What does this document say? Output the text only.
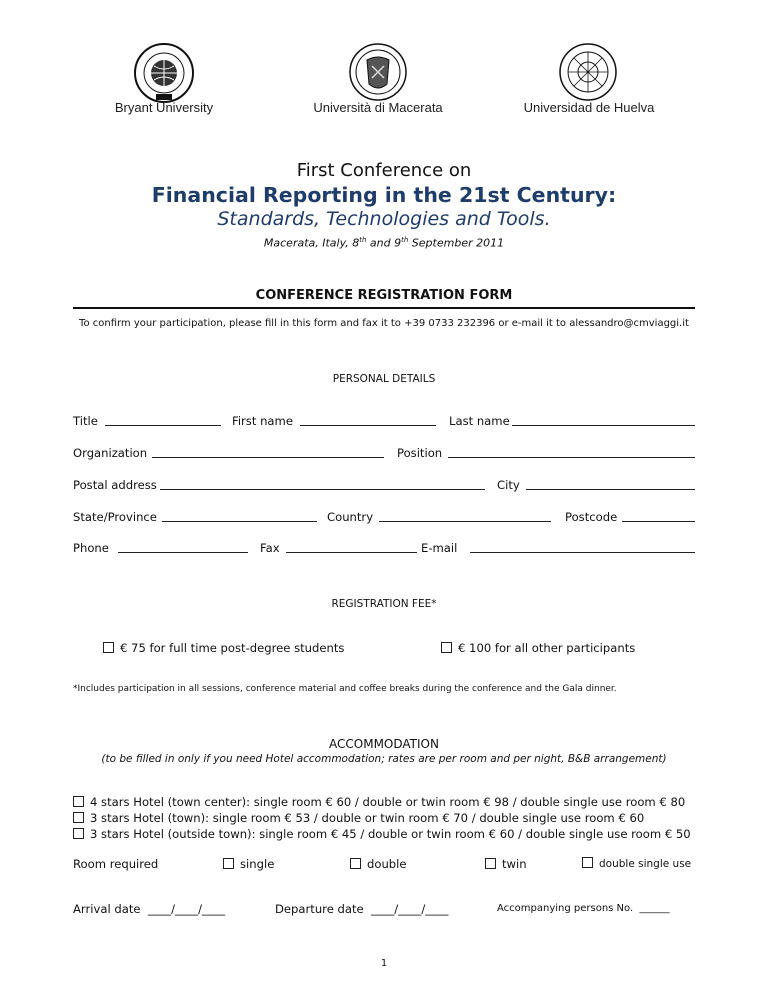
Bryant University	Università di Macerata	Universidad de Huelva
First Conference on
Financial Reporting in the 21st Century:
Standards, Technologies and Tools.
Macerata, Italy, 8th and 9th September 2011
CONFERENCE REGISTRATION FORM
To confirm your participation, please fill in this form and fax it to +39 0733 232396 or e-mail it to alessandro@cmviaggi.it
PERSONAL DETAILS
Title	First name	Last name
Organization	Position
Postal address	City
State/Province	Country	Postcode
Phone	Fax	E-mail
REGISTRATION FEE*
€ 75 for full time post-degree students	€ 100 for all other participants
*Includes participation in all sessions, conference material and coffee breaks during the conference and the Gala dinner.
ACCOMMODATION
(to be filled in only if you need Hotel accommodation; rates are per room and per night, B&B arrangement)
4 stars Hotel (town center): single room € 60 / double or twin room € 98 / double single use room € 80
3 stars Hotel (town): single room € 53 / double or twin room € 70 / double single use room € 60
3 stars Hotel (outside town): single room € 45 / double or twin room € 60 / double single use room € 50
Room required	single	double	twin	double single use
Arrival date ____/____/____	Departure date ____/____/____	Accompanying persons No. ______
1
